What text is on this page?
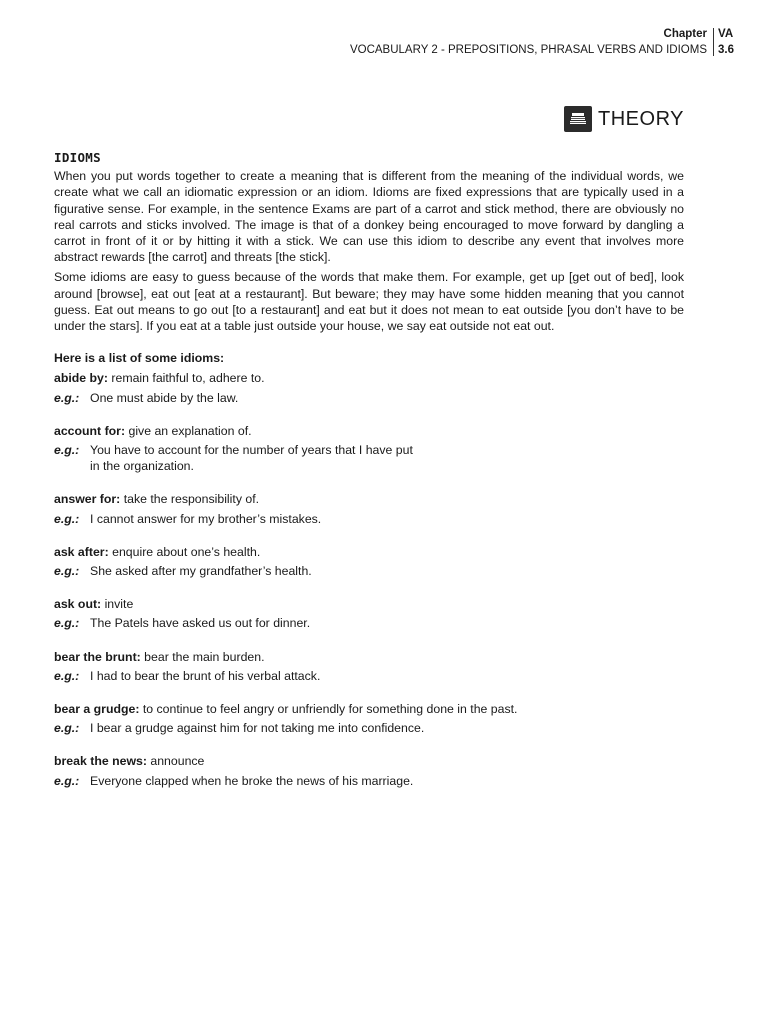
Chapter
VOCABULARY 2 - PREPOSITIONS, PHRASAL VERBS AND IDIOMS
VA
3.6
THEORY
IDIOMS

When you put words together to create a meaning that is different from the meaning of the individual words, we create what we call an idiomatic expression or an idiom. Idioms are fixed expressions that are typically used in a figurative sense. For example, in the sentence Exams are part of a carrot and stick method, there are obviously no real carrots and sticks involved. The image is that of a donkey being encouraged to move forward by dangling a carrot in front of it or by hitting it with a stick. We can use this idiom to describe any event that involves more abstract rewards [the carrot] and threats [the stick].

Some idioms are easy to guess because of the words that make them. For example, get up [get out of bed], look around [browse], eat out [eat at a restaurant]. But beware; they may have some hidden meaning that you cannot guess. Eat out means to go out [to a restaurant] and eat but it does not mean to eat outside [you don’t have to be under the stars]. If you eat at a table just outside your house, we say eat outside not eat out.

Here is a list of some idioms:
abide by: remain faithful to, adhere to.
e.g.: One must abide by the law.
account for: give an explanation of.
e.g.: You have to account for the number of years that I have put in the organization.
answer for: take the responsibility of.
e.g.: I cannot answer for my brother’s mistakes.
ask after: enquire about one’s health.
e.g.: She asked after my grandfather’s health.
ask out: invite
e.g.: The Patels have asked us out for dinner.
bear the brunt: bear the main burden.
e.g.: I had to bear the brunt of his verbal attack.
bear a grudge: to continue to feel angry or unfriendly for something done in the past.
e.g.: I bear a grudge against him for not taking me into confidence.
break the news: announce
e.g.: Everyone clapped when he broke the news of his marriage.
